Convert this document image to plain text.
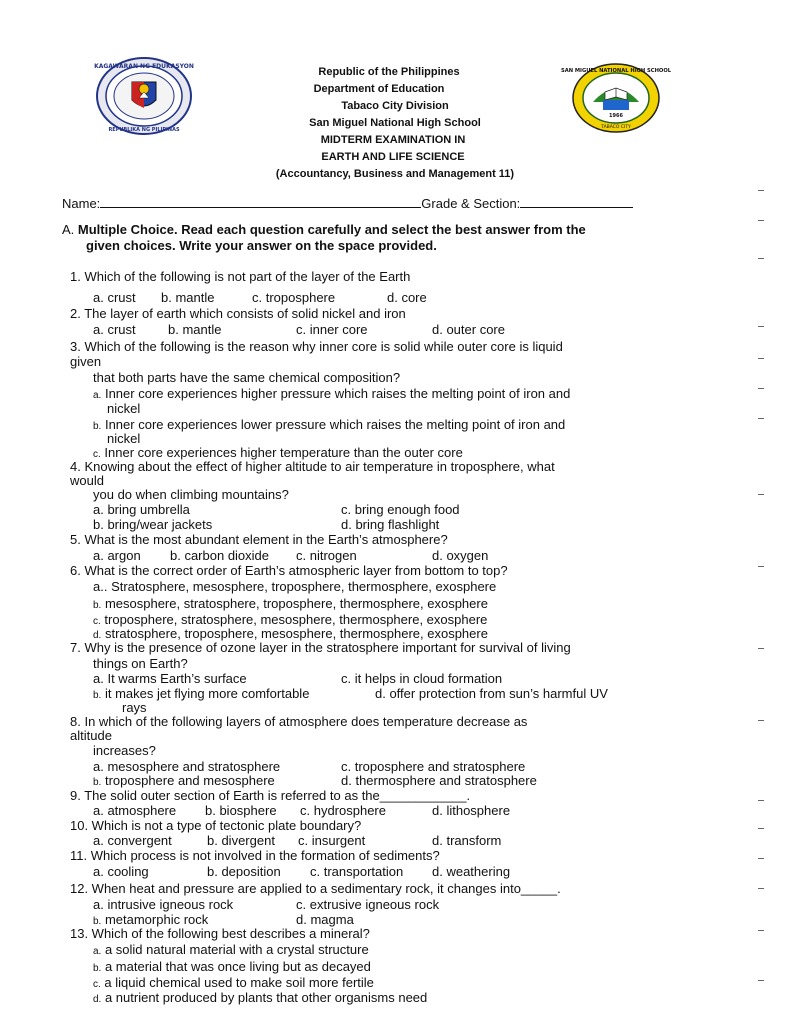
KAGAWARAN NG EDUKASYON
REPUBLIKA NG PILIPINAS
SAN MIGUEL NATIONAL HIGH SCHOOL
1966
TABACO CITY
Republic of the Philippines
Department of Education
Tabaco City Division
San Miguel National High School
MIDTERM EXAMINATION IN
EARTH AND LIFE SCIENCE
(Accountancy, Business and Management 11)
Name:	Grade & Section:
A. Multiple Choice. Read each question carefully and select the best answer from the
given choices. Write your answer on the space provided.
1. Which of the following is not part of the layer of the Earth
a. crust b. mantle	c. troposphere	d. core
2. The layer of earth which consists of solid nickel and iron
a. crust b. mantle	c. inner core	d. outer core
3. Which of the following is the reason why inner core is solid while outer core is liquid
given
that both parts have the same chemical composition?
a. Inner core experiences higher pressure which raises the melting point of iron and
nickel
b. Inner core experiences lower pressure which raises the melting point of iron and
nickel
c. Inner core experiences higher temperature than the outer core
4. Knowing about the effect of higher altitude to air temperature in troposphere, what
would
you do when climbing mountains?
a. bring umbrella	c. bring enough food
b. bring/wear jackets	d. bring flashlight
5. What is the most abundant element in the Earth’s atmosphere?
a. argon b. carbon dioxide c. nitrogen	d. oxygen
6. What is the correct order of Earth’s atmospheric layer from bottom to top?
a.. Stratosphere, mesosphere, troposphere, thermosphere, exosphere
b. mesosphere, stratosphere, troposphere, thermosphere, exosphere
c. troposphere, stratosphere, mesosphere, thermosphere, exosphere
d. stratosphere, troposphere, mesosphere, thermosphere, exosphere
7. Why is the presence of ozone layer in the stratosphere important for survival of living
things on Earth?
a. It warms Earth’s surface	c. it helps in cloud formation
b. it makes jet flying more comfortable	d. offer protection from sun’s harmful UV
rays
8. In which of the following layers of atmosphere does temperature decrease as
altitude
increases?
a. mesosphere and stratosphere	c. troposphere and stratosphere
b. troposphere and mesosphere	d. thermosphere and stratosphere
9. The solid outer section of Earth is referred to as the____________.
a. atmosphere b. biosphere c. hydrosphere	d. lithosphere
10. Which is not a type of tectonic plate boundary?
a. convergent	b. divergent c. insurgent	d. transform
11. Which process is not involved in the formation of sediments?
a. cooling	b. deposition c. transportation d. weathering
12. When heat and pressure are applied to a sedimentary rock, it changes into_____.
a. intrusive igneous rock	c. extrusive igneous rock
b. metamorphic rock	d. magma
13. Which of the following best describes a mineral?
a. a solid natural material with a crystal structure
b. a material that was once living but as decayed
c. a liquid chemical used to make soil more fertile
d. a nutrient produced by plants that other organisms need
